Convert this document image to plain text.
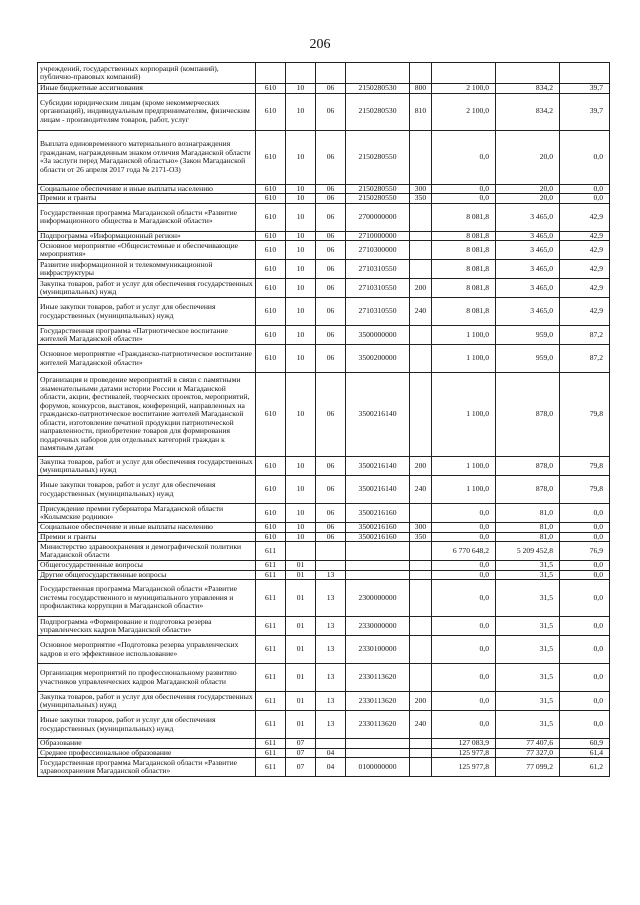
206
учреждений, государственных корпораций (компаний), публично-правовых компаний)								
Иные бюджетные ассигнования	610	10	06	2150280530	800	2 100,0	834,2	39,7
Субсидии юридическим лицам (кроме некоммерческих организаций), индивидуальным предпринимателям, физическим лицам - производителям товаров, работ, услуг	610	10	06	2150280530	810	2 100,0	834,2	39,7
Выплата единовременного материального вознаграждения гражданам, награжденным знаком отличия Магаданской области «За заслуги перед Магаданской областью» (Закон Магаданской области от 26 апреля 2017 года № 2171-ОЗ)	610	10	06	2150280550		0,0	20,0	0,0
Социальное обеспечение и иные выплаты населению	610	10	06	2150280550	300	0,0	20,0	0,0
Премии и гранты	610	10	06	2150280550	350	0,0	20,0	0,0
Государственная программа Магаданской области «Развитие информационного общества в Магаданской области»	610	10	06	2700000000		8 081,8	3 465,0	42,9
Подпрограмма «Информационный регион»	610	10	06	2710000000		8 081,8	3 465,0	42,9
Основное мероприятие «Общесистемные и обеспечивающие мероприятия»	610	10	06	2710300000		8 081,8	3 465,0	42,9
Развитие информационной и телекоммуникационной инфраструктуры	610	10	06	2710310550		8 081,8	3 465,0	42,9
Закупка товаров, работ и услуг для обеспечения государственных (муниципальных) нужд	610	10	06	2710310550	200	8 081,8	3 465,0	42,9
Иные закупки товаров, работ и услуг для обеспечения государственных (муниципальных) нужд	610	10	06	2710310550	240	8 081,8	3 465,0	42,9
Государственная программа «Патриотическое воспитание жителей Магаданской области»	610	10	06	3500000000		1 100,0	959,0	87,2
Основное мероприятие «Гражданско-патриотическое воспитание жителей Магаданской области»	610	10	06	3500200000		1 100,0	959,0	87,2
Организация и проведение мероприятий в связи с памятными знаменательными датами истории России и Магаданской области, акции, фестивалей, творческих проектов, мероприятий, форумов, конкурсов, выставок, конференций, направленных на гражданско-патриотическое воспитание жителей Магаданской области, изготовление печатной продукции патриотической направленности, приобретение товаров для формирования подарочных наборов для отдельных категорий граждан к памятным датам	610	10	06	3500216140		1 100,0	878,0	79,8
Закупка товаров, работ и услуг для обеспечения государственных (муниципальных) нужд	610	10	06	3500216140	200	1 100,0	878,0	79,8
Иные закупки товаров, работ и услуг для обеспечения государственных (муниципальных) нужд	610	10	06	3500216140	240	1 100,0	878,0	79,8
Присуждение премии губернатора Магаданской области «Колымские родники»	610	10	06	3500216160		0,0	81,0	0,0
Социальное обеспечение и иные выплаты населению	610	10	06	3500216160	300	0,0	81,0	0,0
Премии и гранты	610	10	06	3500216160	350	0,0	81,0	0,0
Министерство здравоохранения и демографической политики Магаданской области	611					6 770 648,2	5 209 452,8	76,9
Общегосударственные вопросы	611	01				0,0	31,5	0,0
Другие общегосударственные вопросы	611	01	13			0,0	31,5	0,0
Государственная программа Магаданской области «Развитие системы государственного и муниципального управления и профилактика коррупции в Магаданской области»	611	01	13	2300000000		0,0	31,5	0,0
Подпрограмма «Формирование и подготовка резерва управленческих кадров Магаданской области»	611	01	13	2330000000		0,0	31,5	0,0
Основное мероприятие «Подготовка резерва управленческих кадров и его эффективное использование»	611	01	13	2330100000		0,0	31,5	0,0
Организация мероприятий по профессиональному развитию участников управленческих кадров Магаданской области	611	01	13	2330113620		0,0	31,5	0,0
Закупка товаров, работ и услуг для обеспечения государственных (муниципальных) нужд	611	01	13	2330113620	200	0,0	31,5	0,0
Иные закупки товаров, работ и услуг для обеспечения государственных (муниципальных) нужд	611	01	13	2330113620	240	0,0	31,5	0,0
Образование	611	07				127 083,9	77 407,6	60,9
Среднее профессиональное образование	611	07	04			125 977,8	77 327,0	61,4
Государственная программа Магаданской области «Развитие здравоохранения Магаданской области»	611	07	04	0100000000		125 977,8	77 099,2	61,2
